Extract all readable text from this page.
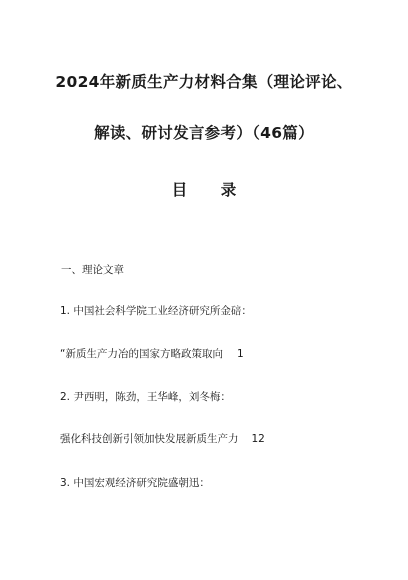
2024年新质生产力材料合集（理论评论、
解读、研讨发言参考）（46篇）
目 录
一、理论文章
1. 中国社会科学院工业经济研究所金碚：
“新质生产力冶的国家方略政策取向 1
2. 尹西明，陈劲，王华峰，刘冬梅：
强化科技创新引领加快发展新质生产力 12
3. 中国宏观经济研究院盛朝迅：
